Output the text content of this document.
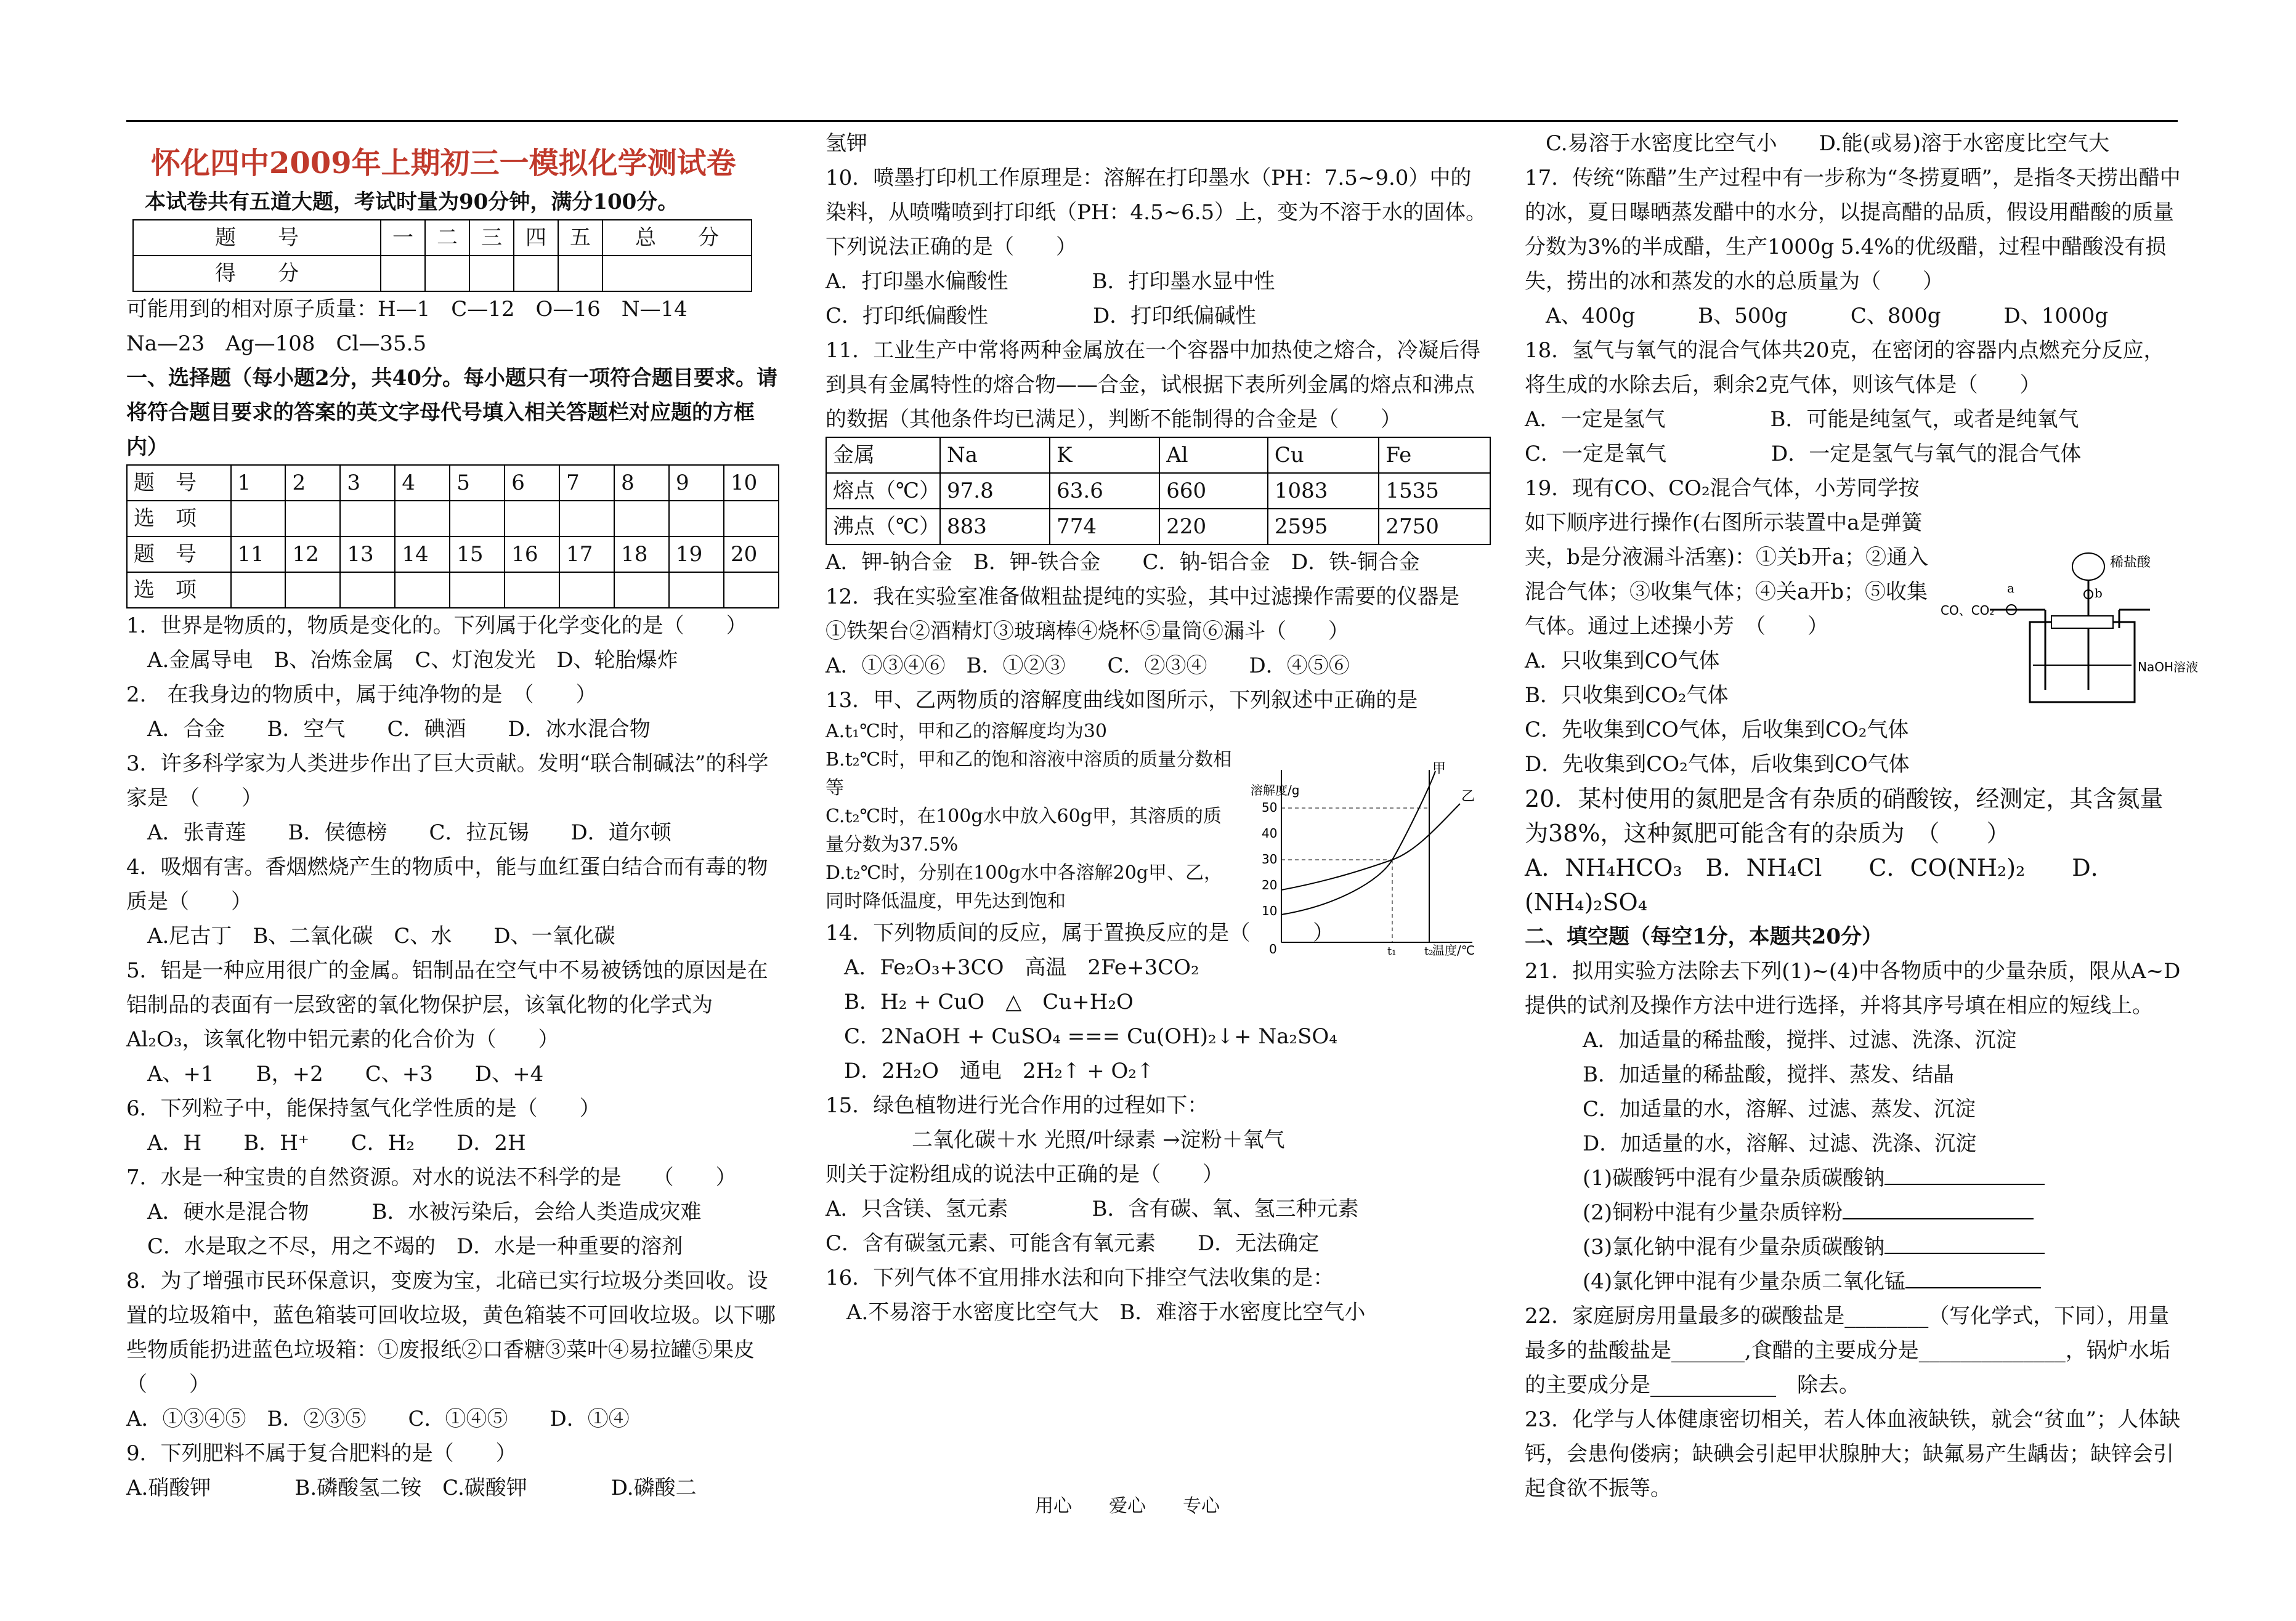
怀化四中2009年上期初三一模拟化学测试卷
本试卷共有五道大题，考试时量为90分钟，满分100分。
题　　号	一	二	三	四	五	总　　分
得　　分						
可能用到的相对原子质量：H—1　C—12　O—16　N—14
Na—23　Ag—108　Cl—35.5
一、选择题（每小题2分，共40分。每小题只有一项符合题目要求。请将符合题目要求的答案的英文字母代号填入相关答题栏对应题的方框内）
题　号	1	2	3	4	5	6	7	8	9	10
选　项										
题　号	11	12	13	14	15	16	17	18	19	20
选　项										
1．世界是物质的，物质是变化的。下列属于化学变化的是（　　）
　A.金属导电　B、冶炼金属　C、灯泡发光　D、轮胎爆炸
2.　在我身边的物质中，属于纯净物的是　（　　）
　A．合金　　B．空气　　C．碘酒　　D．冰水混合物
3．许多科学家为人类进步作出了巨大贡献。发明“联合制碱法”的科学家是　（　　）
　A．张青莲　　B．侯德榜　　C．拉瓦锡　　D．道尔顿
4．吸烟有害。香烟燃烧产生的物质中，能与血红蛋白结合而有毒的物质是（　　）
　A.尼古丁　B、二氧化碳　C、水　　D、一氧化碳
5．铝是一种应用很广的金属。铝制品在空气中不易被锈蚀的原因是在铝制品的表面有一层致密的氧化物保护层，该氧化物的化学式为Al₂O₃，该氧化物中铝元素的化合价为（　　）
　A、+1　　B，+2　　C、+3　　D、+4
6．下列粒子中，能保持氢气化学性质的是（　　）
　A．H　　B．H⁺　　C．H₂　　D．2H
7．水是一种宝贵的自然资源。对水的说法不科学的是　　（　　）
　A．硬水是混合物　　　B．水被污染后，会给人类造成灾难
　C．水是取之不尽，用之不竭的　D．水是一种重要的溶剂
8．为了增强市民环保意识，变废为宝，北碚已实行垃圾分类回收。设置的垃圾箱中，蓝色箱装可回收垃圾，黄色箱装不可回收垃圾。以下哪些物质能扔进蓝色垃圾箱：①废报纸②口香糖③菜叶④易拉罐⑤果皮　（　　）
A．①③④⑤　B．②③⑤　　C．①④⑤　　D．①④
9．下列肥料不属于复合肥料的是（　　）
A.硝酸钾　　　　B.磷酸氢二铵　C.碳酸钾　　　　D.磷酸二
氢钾
10．喷墨打印机工作原理是：溶解在打印墨水（PH：7.5~9.0）中的染料，从喷嘴喷到打印纸（PH：4.5~6.5）上，变为不溶于水的固体。下列说法正确的是（　　）
A．打印墨水偏酸性　　　　B．打印墨水显中性
C．打印纸偏酸性　　　　　D．打印纸偏碱性
11．工业生产中常将两种金属放在一个容器中加热使之熔合，冷凝后得到具有金属特性的熔合物——合金，试根据下表所列金属的熔点和沸点的数据（其他条件均已满足），判断不能制得的合金是（　　）
金属	Na	K	Al	Cu	Fe
熔点（℃）	97.8	63.6	660	1083	1535
沸点（℃）	883	774	220	2595	2750
A．钾-钠合金　B．钾-铁合金　　C．钠-铝合金　D．铁-铜合金
12．我在实验室准备做粗盐提纯的实验，其中过滤操作需要的仪器是　①铁架台②酒精灯③玻璃棒④烧杯⑤量筒⑥漏斗（　　）
A．①③④⑥　B．①②③　　C．②③④　　D．④⑤⑥
13．甲、乙两物质的溶解度曲线如图所示，下列叙述中正确的是
A.t₁℃时，甲和乙的溶解度均为30
B.t₂℃时，甲和乙的饱和溶液中溶质的质量分数相等
C.t₂℃时，在100g水中放入60g甲，其溶质的质量分数为37.5%
D.t₂℃时，分别在100g水中各溶解20g甲、乙，同时降低温度，甲先达到饱和
14．下列物质间的反应，属于置换反应的是（　　　）
A．Fe₂O₃+3CO　高温　2Fe+3CO₂
B．H₂ + CuO　△　Cu+H₂O
C．2NaOH + CuSO₄ === Cu(OH)₂↓+ Na₂SO₄
D．2H₂O　通电　2H₂↑ + O₂↑
15．绿色植物进行光合作用的过程如下：
二氧化碳＋水 光照/叶绿素 →淀粉＋氧气
则关于淀粉组成的说法中正确的是（　　）
A．只含镁、氢元素　　　　B．含有碳、氧、氢三种元素
C．含有碳氢元素、可能含有氧元素　　D．无法确定
16．下列气体不宜用排水法和向下排空气法收集的是：
　A.不易溶于水密度比空气大　B．难溶于水密度比空气小
溶解度/g
温度/℃
0
10
20
30
40
50
甲
乙
t₁	t₂
　C.易溶于水密度比空气小　　D.能(或易)溶于水密度比空气大
17．传统“陈醋”生产过程中有一步称为“冬捞夏晒”，是指冬天捞出醋中的冰，夏日曝晒蒸发醋中的水分，以提高醋的品质，假设用醋酸的质量分数为3%的半成醋，生产1000g 5.4%的优级醋，过程中醋酸没有损失，捞出的冰和蒸发的水的总质量为（　　）
　A、400g　　　B、500g　　　C、800g　　　D、1000g
18．氢气与氧气的混合气体共20克，在密闭的容器内点燃充分反应，将生成的水除去后，剩余2克气体，则该气体是（　　）
A．一定是氢气　　　　　B．可能是纯氢气，或者是纯氧气
C．一定是氧气　　　　　D．一定是氢气与氧气的混合气体
19．现有CO、CO₂混合气体，小芳同学按如下顺序进行操作(右图所示装置中a是弹簧夹，b是分液漏斗活塞)：①关b开a；②通入混合气体；③收集气体；④关a开b；⑤收集气体。通过上述操小芳　（　　）
A．只收集到CO气体
B．只收集到CO₂气体
C．先收集到CO气体，后收集到CO₂气体
D．先收集到CO₂气体，后收集到CO气体
20．某村使用的氮肥是含有杂质的硝酸铵，经测定，其含氮量为38%，这种氮肥可能含有的杂质为　（　　）
A．NH₄HCO₃　B．NH₄Cl　　C．CO(NH₂)₂　　D．(NH₄)₂SO₄
二、填空题（每空1分，本题共20分）
21．拟用实验方法除去下列(1)~(4)中各物质中的少量杂质，限从A~D提供的试剂及操作方法中进行选择，并将其序号填在相应的短线上。
　A．加适量的稀盐酸，搅拌、过滤、洗涤、沉淀
　B．加适量的稀盐酸，搅拌、蒸发、结晶
　C．加适量的水，溶解、过滤、蒸发、沉淀
　D．加适量的水，溶解、过滤、洗涤、沉淀
　(1)碳酸钙中混有少量杂质碳酸钠
　(2)铜粉中混有少量杂质锌粉
　(3)氯化钠中混有少量杂质碳酸钠
　(4)氯化钾中混有少量杂质二氧化锰
22．家庭厨房用量最多的碳酸盐是________（写化学式，下同），用量最多的盐酸盐是_______,食醋的主要成分是______________，锅炉水垢的主要成分是____________　除去。
23．化学与人体健康密切相关，若人体血液缺铁，就会“贫血”；人体缺钙，会患佝偻病；缺碘会引起甲状腺肿大；缺氟易产生龋齿；缺锌会引起食欲不振等。
CO、CO₂
a	b
稀盐酸
NaOH溶液
用心　　爱心　　专心
